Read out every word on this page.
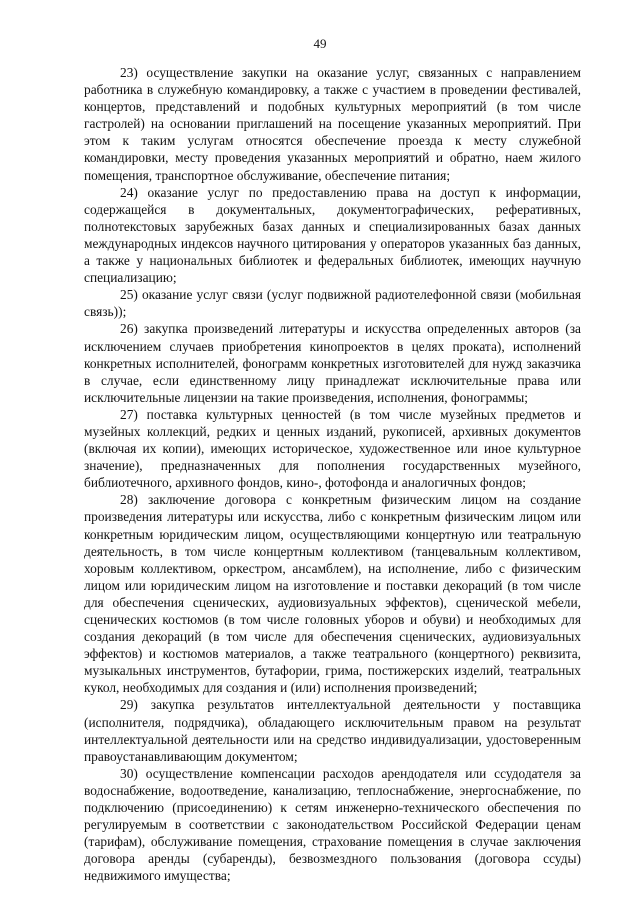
49

23) осуществление закупки на оказание услуг, связанных с направлением работника в служебную командировку, а также с участием в проведении фестивалей, концертов, представлений и подобных культурных мероприятий (в том числе гастролей) на основании приглашений на посещение указанных мероприятий. При этом к таким услугам относятся обеспечение проезда к месту служебной командировки, месту проведения указанных мероприятий и обратно, наем жилого помещения, транспортное обслуживание, обеспечение питания;

24) оказание услуг по предоставлению права на доступ к информации, содержащейся в документальных, документографических, реферативных, полнотекстовых зарубежных базах данных и специализированных базах данных международных индексов научного цитирования у операторов указанных баз данных, а также у национальных библиотек и федеральных библиотек, имеющих научную специализацию;

25) оказание услуг связи (услуг подвижной радиотелефонной связи (мобильная связь));

26) закупка произведений литературы и искусства определенных авторов (за исключением случаев приобретения кинопроектов в целях проката), исполнений конкретных исполнителей, фонограмм конкретных изготовителей для нужд заказчика в случае, если единственному лицу принадлежат исключительные права или исключительные лицензии на такие произведения, исполнения, фонограммы;

27) поставка культурных ценностей (в том числе музейных предметов и музейных коллекций, редких и ценных изданий, рукописей, архивных документов (включая их копии), имеющих историческое, художественное или иное культурное значение), предназначенных для пополнения государственных музейного, библиотечного, архивного фондов, кино-, фотофонда и аналогичных фондов;

28) заключение договора с конкретным физическим лицом на создание произведения литературы или искусства, либо с конкретным физическим лицом или конкретным юридическим лицом, осуществляющими концертную или театральную деятельность, в том числе концертным коллективом (танцевальным коллективом, хоровым коллективом, оркестром, ансамблем), на исполнение, либо с физическим лицом или юридическим лицом на изготовление и поставки декораций (в том числе для обеспечения сценических, аудиовизуальных эффектов), сценической мебели, сценических костюмов (в том числе головных уборов и обуви) и необходимых для создания декораций (в том числе для обеспечения сценических, аудиовизуальных эффектов) и костюмов материалов, а также театрального (концертного) реквизита, музыкальных инструментов, бутафории, грима, постижерских изделий, театральных кукол, необходимых для создания и (или) исполнения произведений;

29) закупка результатов интеллектуальной деятельности у поставщика (исполнителя, подрядчика), обладающего исключительным правом на результат интеллектуальной деятельности или на средство индивидуализации, удостоверенным правоустанавливающим документом;

30) осуществление компенсации расходов арендодателя или ссудодателя за водоснабжение, водоотведение, канализацию, теплоснабжение, энергоснабжение, по подключению (присоединению) к сетям инженерно-технического обеспечения по регулируемым в соответствии с законодательством Российской Федерации ценам (тарифам), обслуживание помещения, страхование помещения в случае заключения договора аренды (субаренды), безвозмездного пользования (договора ссуды) недвижимого имущества;
